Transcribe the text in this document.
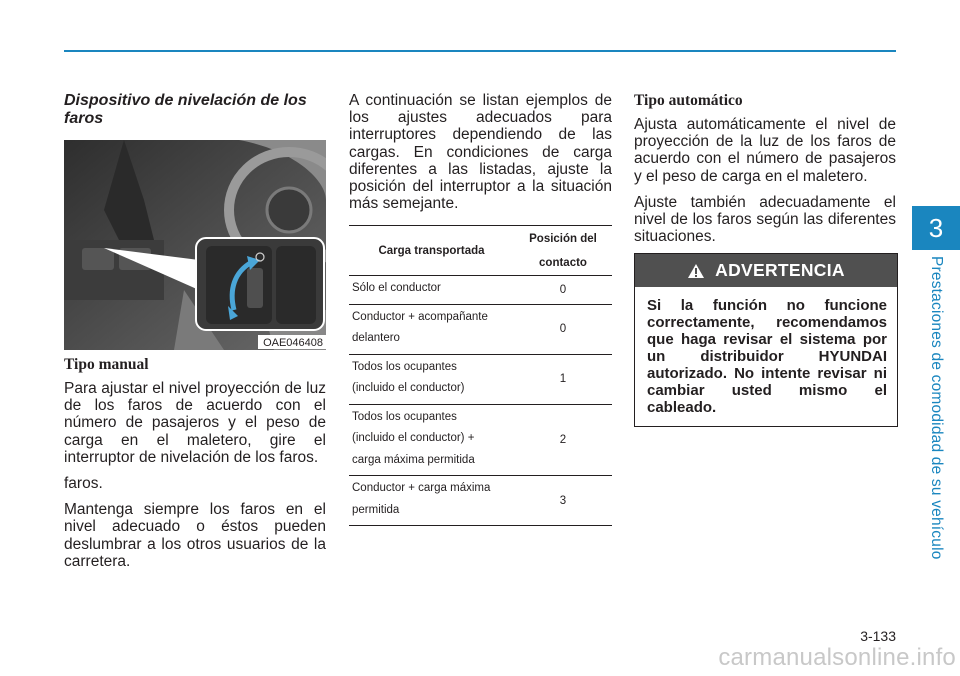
3
Prestaciones de comodidad de su vehículo
Dispositivo de nivelación de los faros
OAE046408
Tipo manual

Para ajustar el nivel proyección de luz de los faros de acuerdo con el número de pasajeros y el peso de carga en el maletero, gire el interruptor de nivelación de los faros.

faros.

Mantenga siempre los faros en el nivel adecuado o éstos pueden deslumbrar a los otros usuarios de la carretera.

A continuación se listan ejemplos de los ajustes adecuados para interruptores dependiendo de las cargas. En condiciones de carga diferentes a las listadas, ajuste la posición del interruptor a la situación más semejante.

Carga transportada	Posición del contacto

Sólo el conductor	0

Conductor + acompañante
delantero	0

Todos los ocupantes
(incluido el conductor)	1

Todos los ocupantes
(incluido el conductor) +
carga máxima permitida	2

Conductor + carga máxima
permitida	3
Tipo automático

Ajusta automáticamente el nivel de proyección de la luz de los faros de acuerdo con el número de pasajeros y el peso de carga en el maletero.

Ajuste también adecuadamente el nivel de los faros según las diferentes situaciones.

ADVERTENCIA
Si la función no funcione correctamente, recomendamos que haga revisar el sistema por un distribuidor HYUNDAI autorizado. No intente revisar ni cambiar usted mismo el cableado.
3-133
carmanualsonline.info
